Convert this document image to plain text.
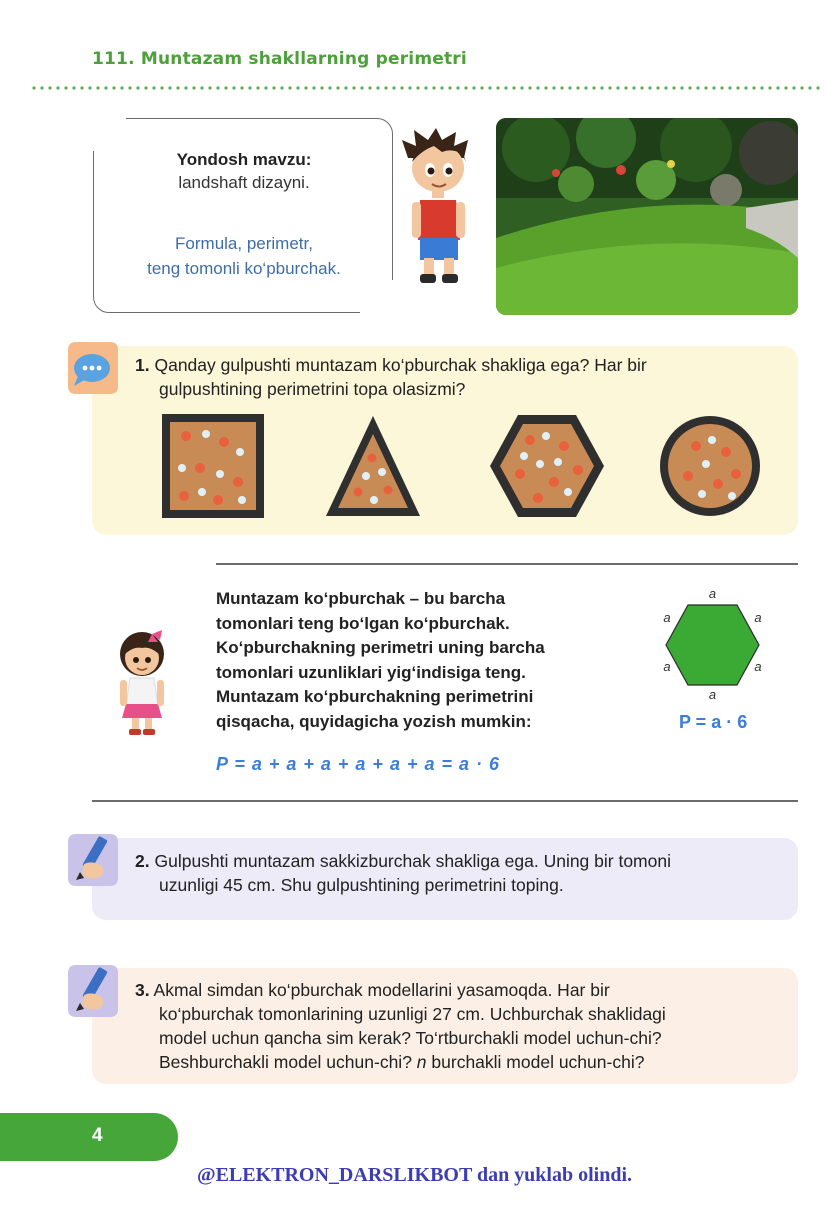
111. Muntazam shakllarning perimetri
Yondosh mavzu:
landshaft dizayni.
Formula, perimetr,
teng tomonli ko‘pburchak.
1. Qanday gulpushti muntazam ko‘pburchak shakliga ega? Har bir
gulpushtining perimetrini topa olasizmi?
Muntazam ko‘pburchak – bu barcha
tomonlari teng bo‘lgan ko‘pburchak.
Ko‘pburchakning perimetri uning barcha
tomonlari uzunliklari yig‘indisiga teng.
Muntazam ko‘pburchakning perimetrini
qisqacha, quyidagicha yozish mumkin:
P = a + a + a + a + a + a = a · 6
a
a	a
a	a
a
P = a · 6
2. Gulpushti muntazam sakkizburchak shakliga ega. Uning bir tomoni
uzunligi 45 cm. Shu gulpushtining perimetrini toping.
3. Akmal simdan ko‘pburchak modellarini yasamoqda. Har bir
ko‘pburchak tomonlarining uzunligi 27 cm. Uchburchak shaklidagi
model uchun qancha sim kerak? To‘rtburchakli model uchun-chi?
Beshburchakli model uchun-chi? n burchakli model uchun-chi?
4
@ELEKTRON_DARSLIKBOT dan yuklab olindi.
